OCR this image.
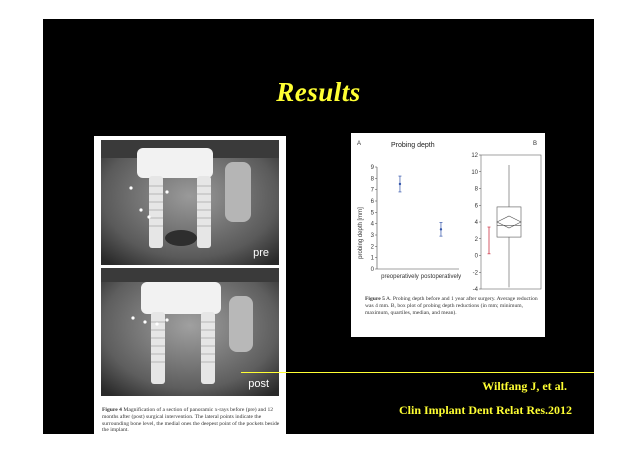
Results
pre
post
Figure 4 Magnification of a section of panoramic x-rays before (pre) and 12 months after (post) surgical intervention. The lateral points indicate the surrounding bone level, the medial ones the deepest point of the pockets beside the implant.
A	Probing depth
probing depth [mm]
0
1
2
3
4
5
6
7
8
9
preoperatively postoperatively
B
-4
-2
0
2
4
6
8
10
12
Figure 5 A. Probing depth before and 1 year after surgery. Average reduction was 4 mm. B, box plot of probing depth reductions (in mm; minimum, maximum, quartiles, median, and mean).
Wiltfang J, et al.
Clin Implant Dent Relat Res.2012
